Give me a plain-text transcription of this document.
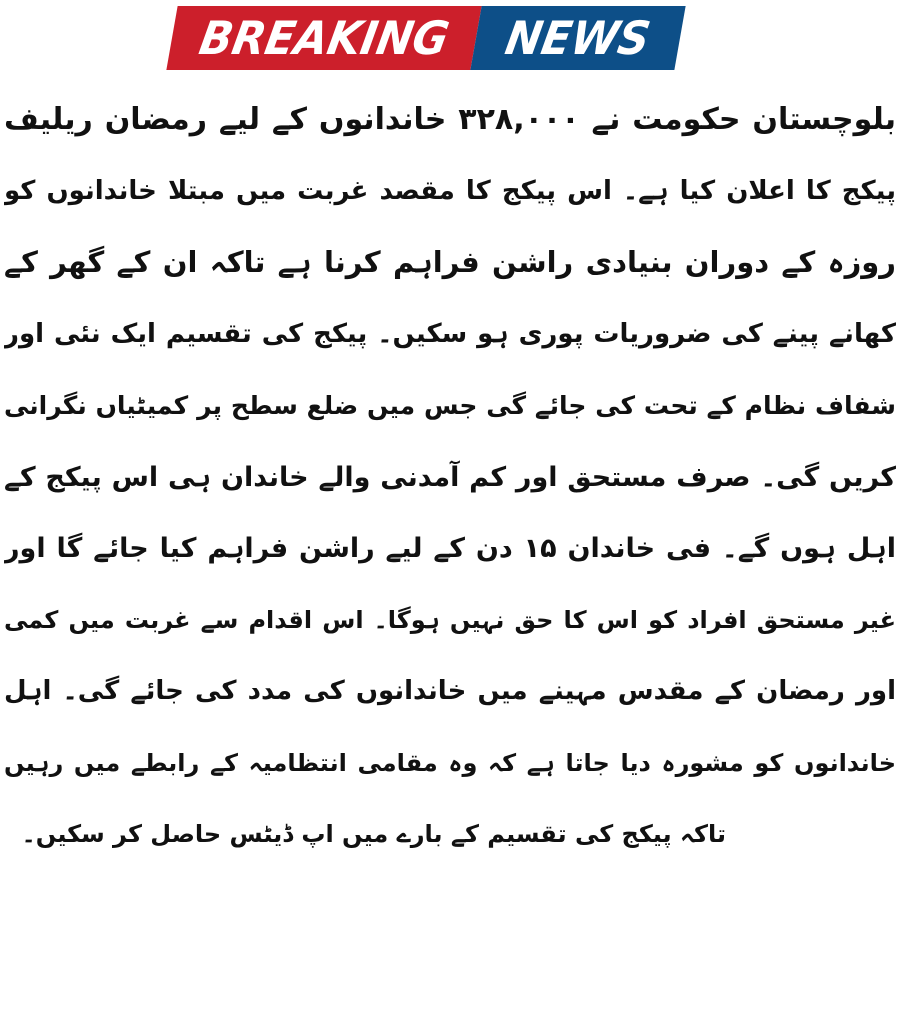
BREAKING NEWS
بلوچستان حکومت نے ۳۲۸,۰۰۰ خاندانوں کے لیے رمضان ریلیف
پیکج کا اعلان کیا ہے۔ اس پیکج کا مقصد غربت میں مبتلا خاندانوں کو
روزہ کے دوران بنیادی راشن فراہم کرنا ہے تاکہ ان کے گھر کے
کھانے پینے کی ضروریات پوری ہو سکیں۔ پیکج کی تقسیم ایک نئی اور
شفاف نظام کے تحت کی جائے گی جس میں ضلع سطح پر کمیٹیاں نگرانی
کریں گی۔ صرف مستحق اور کم آمدنی والے خاندان ہی اس پیکج کے
اہل ہوں گے۔ فی خاندان ۱۵ دن کے لیے راشن فراہم کیا جائے گا اور
غیر مستحق افراد کو اس کا حق نہیں ہوگا۔ اس اقدام سے غربت میں کمی
اور رمضان کے مقدس مہینے میں خاندانوں کی مدد کی جائے گی۔ اہل
خاندانوں کو مشورہ دیا جاتا ہے کہ وہ مقامی انتظامیہ کے رابطے میں رہیں
تاکہ پیکج کی تقسیم کے بارے میں اپ ڈیٹس حاصل کر سکیں۔
